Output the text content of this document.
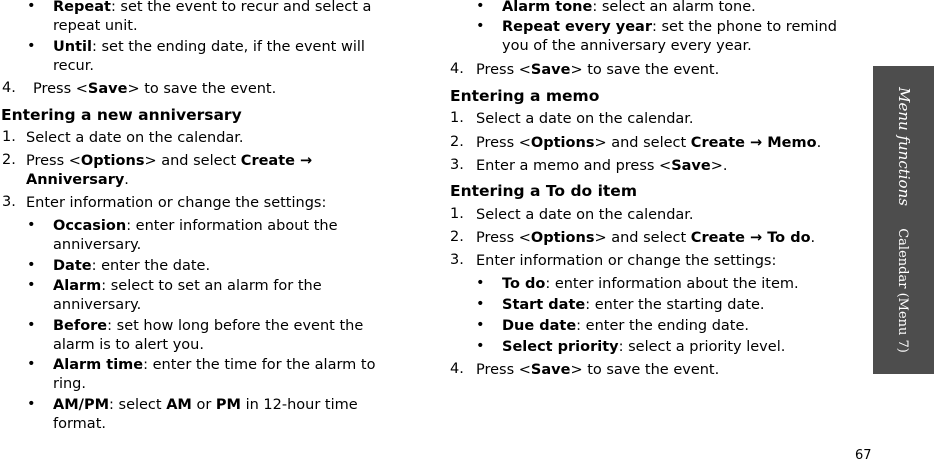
• Repeat: set the event to recur and select a
repeat unit.
• Until: set the ending date, if the event will
recur.
4. Press <Save> to save the event.
Entering a new anniversary
1. Select a date on the calendar.
2. Press <Options> and select Create →
Anniversary.
3. Enter information or change the settings:
• Occasion: enter information about the
anniversary.
• Date: enter the date.
• Alarm: select to set an alarm for the
anniversary.
• Before: set how long before the event the
alarm is to alert you.
• Alarm time: enter the time for the alarm to
ring.
• AM/PM: select AM or PM in 12-hour time
format.
• Alarm tone: select an alarm tone.
• Repeat every year: set the phone to remind
you of the anniversary every year.
4. Press <Save> to save the event.
Entering a memo
1. Select a date on the calendar.
2. Press <Options> and select Create → Memo.
3. Enter a memo and press <Save>.
Entering a To do item
1. Select a date on the calendar.
2. Press <Options> and select Create → To do.
3. Enter information or change the settings:
• To do: enter information about the item.
• Start date: enter the starting date.
• Due date: enter the ending date.
• Select priority: select a priority level.
4. Press <Save> to save the event.
Menu functions  Calendar (Menu 7)
67
